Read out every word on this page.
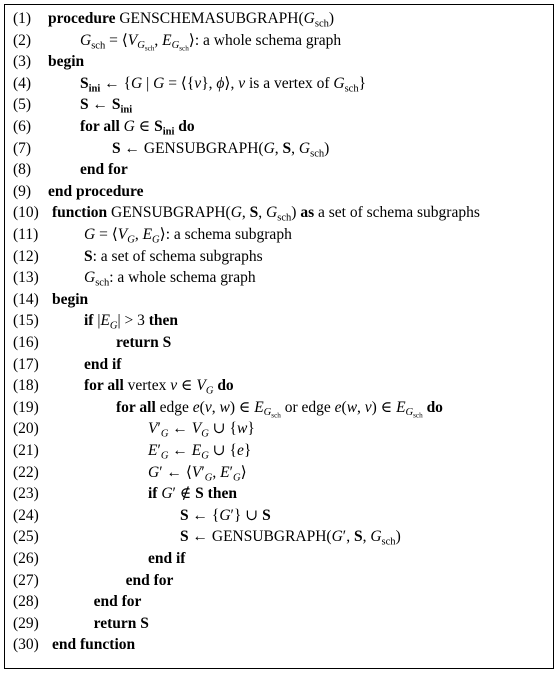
(1) procedure $GENSCHEMASUBGRAPH(G_{sch})$
(2)	$G_{sch}$ = $⟨V_{G_{sch}}$, $E_{G_{sch}}⟩$: a whole schema graph
(3) begin
(4)	$S_{ini}$ ← {G | G = ⟨{v}, ϕ⟩, v is a vertex of $G_{sch}$}
(5)	S ← $S_{ini}$
(6)	for all G ∈ $S_{ini}$ do
(7)	S ← GENSUBGRAPH(G, S, $G_{sch}$)
(8)	end for
(9) end procedure
(10) function GENSUBGRAPH(G, S, $G_{sch}$) as a set of schema subgraphs
(11)	$G = ⟨V_G$, $E_G⟩$: a schema subgraph
(12)	S: a set of schema subgraphs
(13)	$G_{sch}$: a whole schema graph
(14) begin
(15)	if $|E_G| > 3$ then
(16)	return S
(17)	end if
(18)	for all vertex v ∈ $V_G$ do
(19)	for all edge e(v, w) ∈ $E_{G_{sch}}$ or edge e(w, v) ∈ $E_{G_{sch}}$ do
(20)	$V'_G$ ← $V_G$ ∪ {w}
(21)	$E'_G$ ← $E_G$ ∪ {e}
(22)	G′ ← $⟨V'_G$, $E'_G⟩$
(23)	if G′ ∉ S then
(24)	S ← {G′} ∪ S
(25)	S ← GENSUBGRAPH(G′, S, $G_{sch}$)
(26)	end if
(27)	end for
(28)	end for
(29)	return S
(30) end function
